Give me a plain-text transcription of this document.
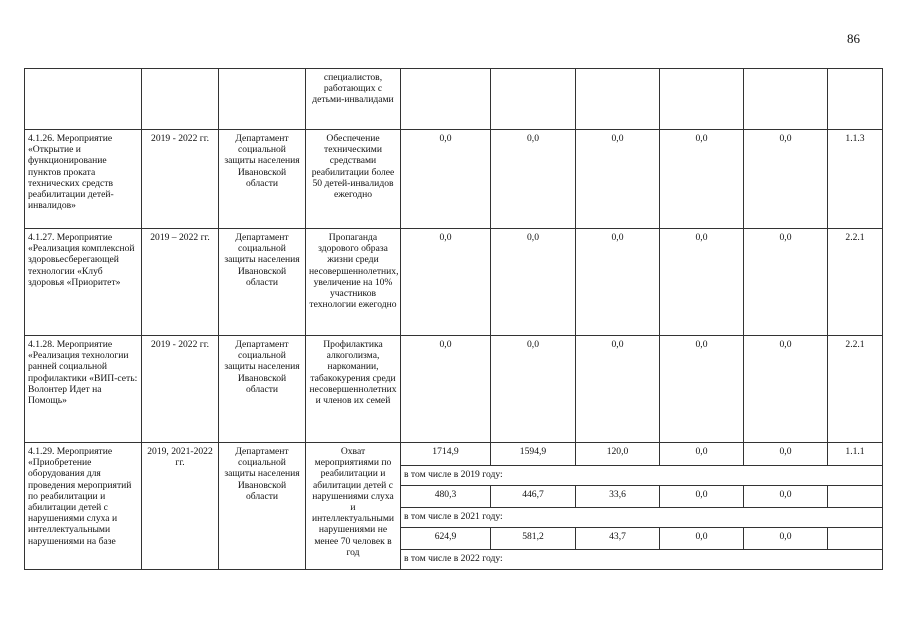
86
			специалистов, работающих с детьми-инвалидами						
4.1.26. Мероприятие «Открытие и функционирование пунктов проката технических средств реабилитации детей-инвалидов»	2019 - 2022 гг.	Департамент социальной защиты населения Ивановской области	Обеспечение техническими средствами реабилитации более 50 детей-инвалидов ежегодно	0,0	0,0	0,0	0,0	0,0	1.1.3
4.1.27. Мероприятие «Реализация комплексной здоровьесберегающей технологии «Клуб здоровья «Приоритет»	2019 – 2022 гг.	Департамент социальной защиты населения Ивановской области	Пропаганда здорового образа жизни среди несовершеннолетних, увеличение на 10% участников технологии ежегодно	0,0	0,0	0,0	0,0	0,0	2.2.1
4.1.28. Мероприятие «Реализация технологии ранней социальной профилактики «ВИП-сеть: Волонтер Идет на Помощь»	2019 - 2022 гг.	Департамент социальной защиты населения Ивановской области	Профилактика алкоголизма, наркомании, табакокурения среди несовершеннолетних и членов их семей	0,0	0,0	0,0	0,0	0,0	2.2.1
4.1.29. Мероприятие «Приобретение оборудования для проведения мероприятий по реабилитации и абилитации детей с нарушениями слуха и интеллектуальными нарушениями на базе	2019, 2021-2022 гг.	Департамент социальной защиты населения Ивановской области	Охват мероприятиями по реабилитации и абилитации детей с нарушениями слуха и интеллектуальными нарушениями не менее 70 человек в год	1714,9	1594,9	120,0	0,0	0,0	1.1.1
				в том числе в 2019 году:					
				480,3	446,7	33,6	0,0	0,0	
				в том числе в 2021 году:					
				624,9	581,2	43,7	0,0	0,0	
				в том числе в 2022 году:					
